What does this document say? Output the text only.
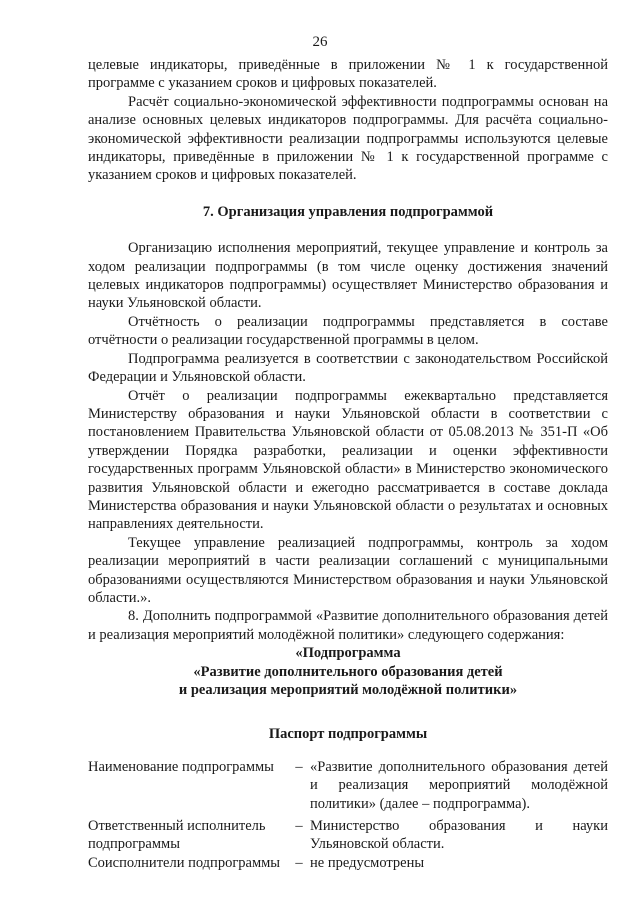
26

целевые индикаторы, приведённые в приложении № 1 к государственной программе с указанием сроков и цифровых показателей.

Расчёт социально-экономической эффективности подпрограммы основан на анализе основных целевых индикаторов подпрограммы. Для расчёта социально-экономической эффективности реализации подпрограммы используются целевые индикаторы, приведённые в приложении № 1 к государственной программе с указанием сроков и цифровых показателей.

7. Организация управления подпрограммой

Организацию исполнения мероприятий, текущее управление и контроль за ходом реализации подпрограммы (в том числе оценку достижения значений целевых индикаторов подпрограммы) осуществляет Министерство образования и науки Ульяновской области.

Отчётность о реализации подпрограммы представляется в составе отчётности о реализации государственной программы в целом.

Подпрограмма реализуется в соответствии с законодательством Российской Федерации и Ульяновской области.

Отчёт о реализации подпрограммы ежеквартально представляется Министерству образования и науки Ульяновской области в соответствии с постановлением Правительства Ульяновской области от 05.08.2013 № 351-П «Об утверждении Порядка разработки, реализации и оценки эффективности государственных программ Ульяновской области» в Министерство экономического развития Ульяновской области и ежегодно рассматривается в составе доклада Министерства образования и науки Ульяновской области о результатах и основных направлениях деятельности.

Текущее управление реализацией подпрограммы, контроль за ходом реализации мероприятий в части реализации соглашений с муниципальными образованиями осуществляются Министерством образования и науки Ульяновской области.».

8. Дополнить подпрограммой «Развитие дополнительного образования детей и реализация мероприятий молодёжной политики» следующего содержания:

«Подпрограмма

«Развитие дополнительного образования детей

и реализация мероприятий молодёжной политики»

Паспорт подпрограммы

Наименование подпрограммы	–	«Развитие дополнительного образования детей и реализация мероприятий молодёжной политики» (далее – подпрограмма).
Ответственный исполнитель подпрограммы	–	Министерство образования и науки Ульяновской области.
Соисполнители подпрограммы	–	не предусмотрены
